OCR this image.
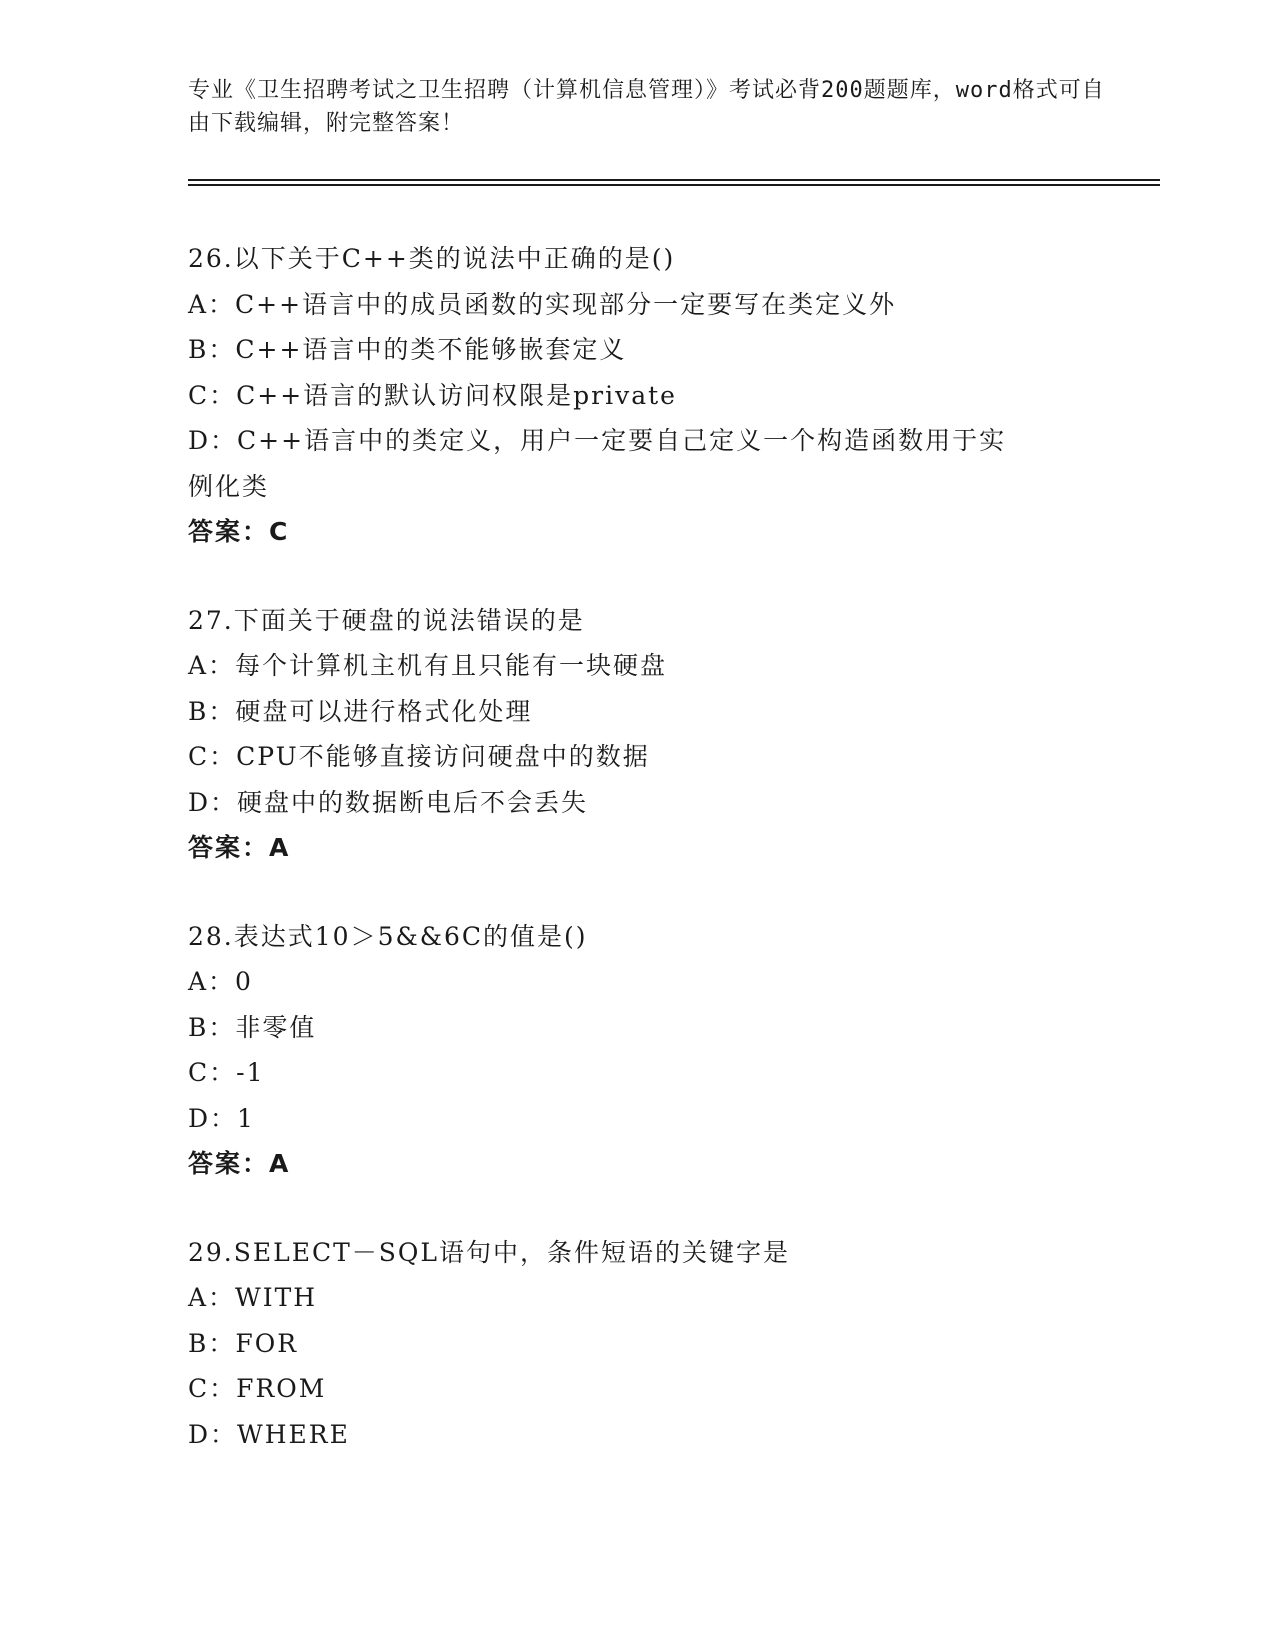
专业《卫生招聘考试之卫生招聘（计算机信息管理）》考试必背200题题库，word格式可自由下载编辑，附完整答案！
26.以下关于C++类的说法中正确的是()
A：C++语言中的成员函数的实现部分一定要写在类定义外
B：C++语言中的类不能够嵌套定义
C：C++语言的默认访问权限是private
D：C++语言中的类定义，用户一定要自己定义一个构造函数用于实例化类
答案：C
27.下面关于硬盘的说法错误的是
A：每个计算机主机有且只能有一块硬盘
B：硬盘可以进行格式化处理
C：CPU不能够直接访问硬盘中的数据
D：硬盘中的数据断电后不会丢失
答案：A
28.表达式10＞5&&6C的值是()
A：0
B：非零值
C：-1
D：1
答案：A
29.SELECT－SQL语句中，条件短语的关键字是
A：WITH
B：FOR
C：FROM
D：WHERE
